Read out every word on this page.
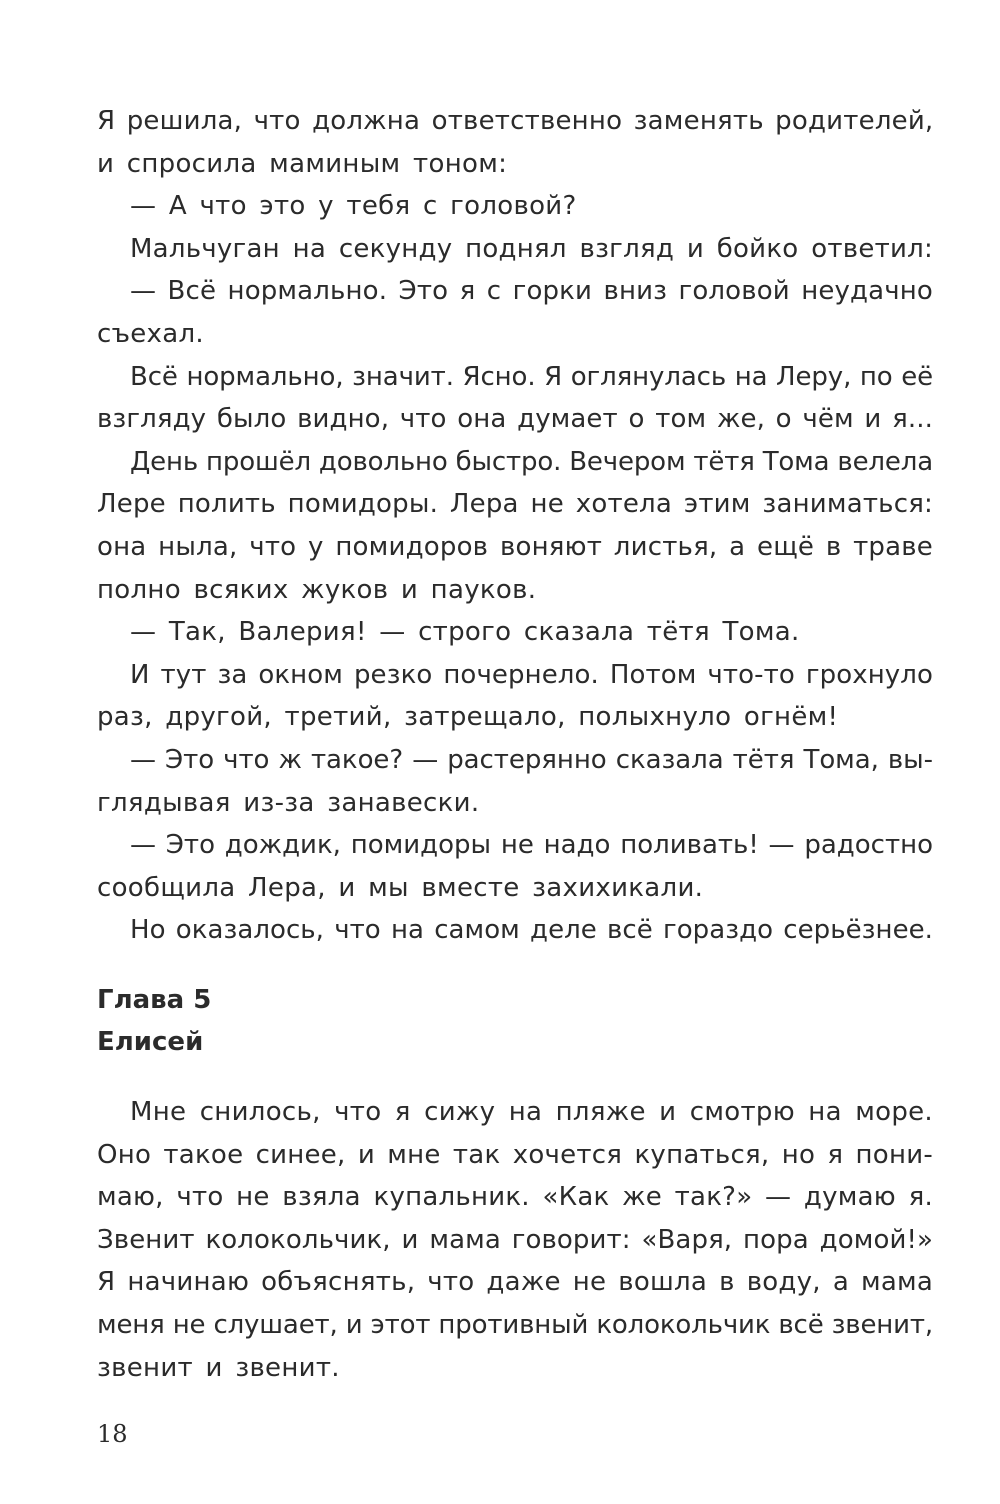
Я решила, что должна ответственно заменять родителей,
и спросила маминым тоном:
— А что это у тебя с головой?
Мальчуган на секунду поднял взгляд и бойко ответил:
— Всё нормально. Это я с горки вниз головой неудачно
съехал.
Всё нормально, значит. Ясно. Я оглянулась на Леру, по её
взгляду было видно, что она думает о том же, о чём и я...
День прошёл довольно быстро. Вечером тётя Тома велела
Лере полить помидоры. Лера не хотела этим заниматься:
она ныла, что у помидоров воняют листья, а ещё в траве
полно всяких жуков и пауков.
— Так, Валерия! — строго сказала тётя Тома.
И тут за окном резко почернело. Потом что-то грохнуло
раз, другой, третий, затрещало, полыхнуло огнём!
— Это что ж такое? — растерянно сказала тётя Тома, вы-
глядывая из-за занавески.
— Это дождик, помидоры не надо поливать! — радостно
сообщила Лера, и мы вместе захихикали.
Но оказалось, что на самом деле всё гораздо серьёзнее.
Глава 5
Елисей
Мне снилось, что я сижу на пляже и смотрю на море.
Оно такое синее, и мне так хочется купаться, но я пони-
маю, что не взяла купальник. «Как же так?» — думаю я.
Звенит колокольчик, и мама говорит: «Варя, пора домой!»
Я начинаю объяснять, что даже не вошла в воду, а мама
меня не слушает, и этот противный колокольчик всё звенит,
звенит и звенит.
18
